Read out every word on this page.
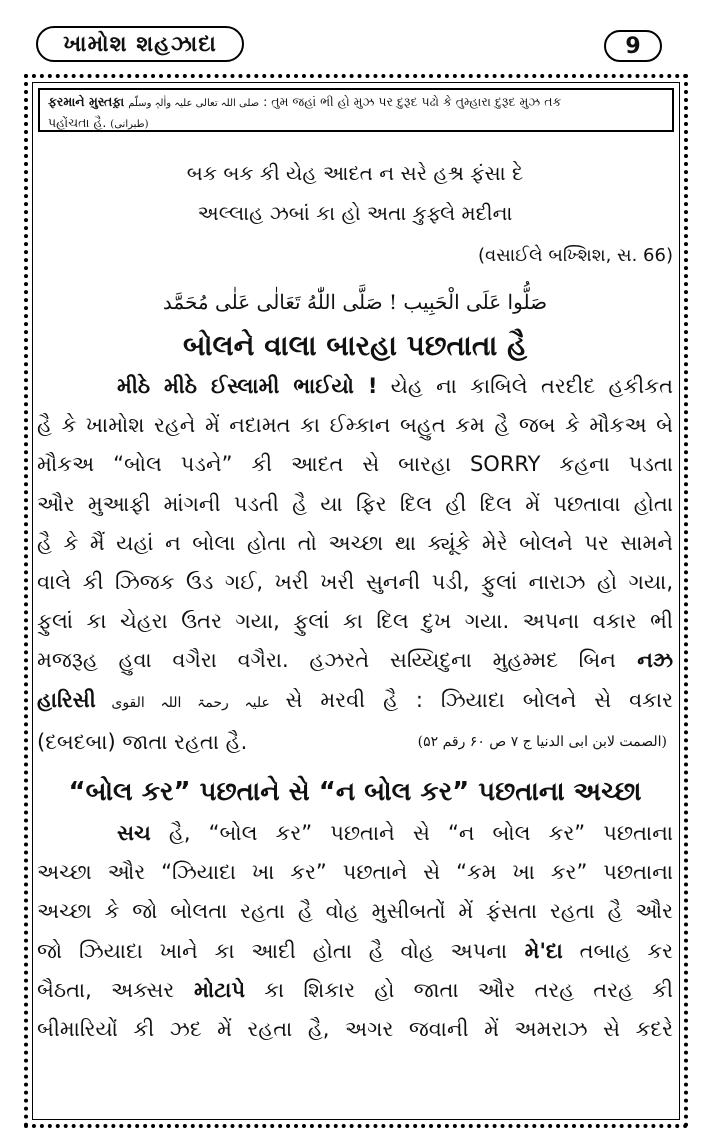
ખામોશ શહઝાદા	9
ફરમાને મુસ્તફ઼ા صلی اللہ تعالی علیہ واٰلہٖ وسلّم : તુમ જહાં ભી હો મુઝ પર દુરૂદ પઢો કે તુમ્હારા દુરૂદ મુઝ તક
પહોંચતા હૈ. (طبرانی)
બક બક કી યેહ આદત ન સરે હશ્ર ફંસા દે
અલ્લાહ ઝબાં કા હો અતા કુફ્લે મદીના
(વસાઈલે બખ્શિશ, સ. 66)
صَلُّوا عَلَى الْحَبِيب ! صَلَّى اللّٰهُ تَعَالٰى عَلٰى مُحَمَّد
બોલને વાલા બારહા પછતાતા હૈ
મીઠે મીઠે ઈસ્લામી ભાઈયો ! યેહ ના કાબિલે તરદીદ હકીકત
હૈ કે ખામોશ રહને મેં નદામત કા ઈમ્કાન બહુત કમ હૈ જબ કે મૌકઅ બે
મૌકઅ “બોલ પડને” કી આદત સે બારહા SORRY કહના પડતા
ઔર મુઆફી માંગની પડતી હૈ યા ફિર દિલ હી દિલ મેં પછતાવા હોતા
હૈ કે મૈં યહાં ન બોલા હોતા તો અચ્છા થા ક્યૂંકે મેરે બોલને પર સામને
વાલે કી ઝિજક ઉડ ગઈ, ખરી ખરી સુનની પડી, ફુલાં નારાઝ હો ગયા,
ફુલાં કા ચેહરા ઉતર ગયા, ફુલાં કા દિલ દુખ ગયા. અપના વકાર ભી
મજરૂહ હુવા વગૈરા વગૈરા. હઝરતે સય્યિદુના મુહમ્મદ બિન નઝ્ર
હારિસી علیہ رحمۃ اللہ القوی સે મરવી હૈ : ઝિયાદા બોલને સે વકાર
(દબદબા) જાતા રહતા હૈ.	(الصمت لابن ابی الدنیا ج ۷ ص ۶۰ رقم ۵۲)
“બોલ કર” પછતાને સે “ન બોલ કર” પછતાના અચ્છા
સચ હૈ, “બોલ કર” પછતાને સે “ન બોલ કર” પછતાના
અચ્છા ઔર “ઝિયાદા ખા કર” પછતાને સે “કમ ખા કર” પછતાના
અચ્છા કે જો બોલતા રહતા હૈ વોહ મુસીબતોં મેં ફંસતા રહતા હૈ ઔર
જો ઝિયાદા ખાને કા આદી હોતા હૈ વોહ અપના મે'દા તબાહ કર
બૈઠતા, અક્સર મોટાપે કા શિકાર હો જાતા ઔર તરહ તરહ કી
બીમારિયોં કી ઝદ મેં રહતા હૈ, અગર જવાની મેં અમરાઝ સે કદરે
